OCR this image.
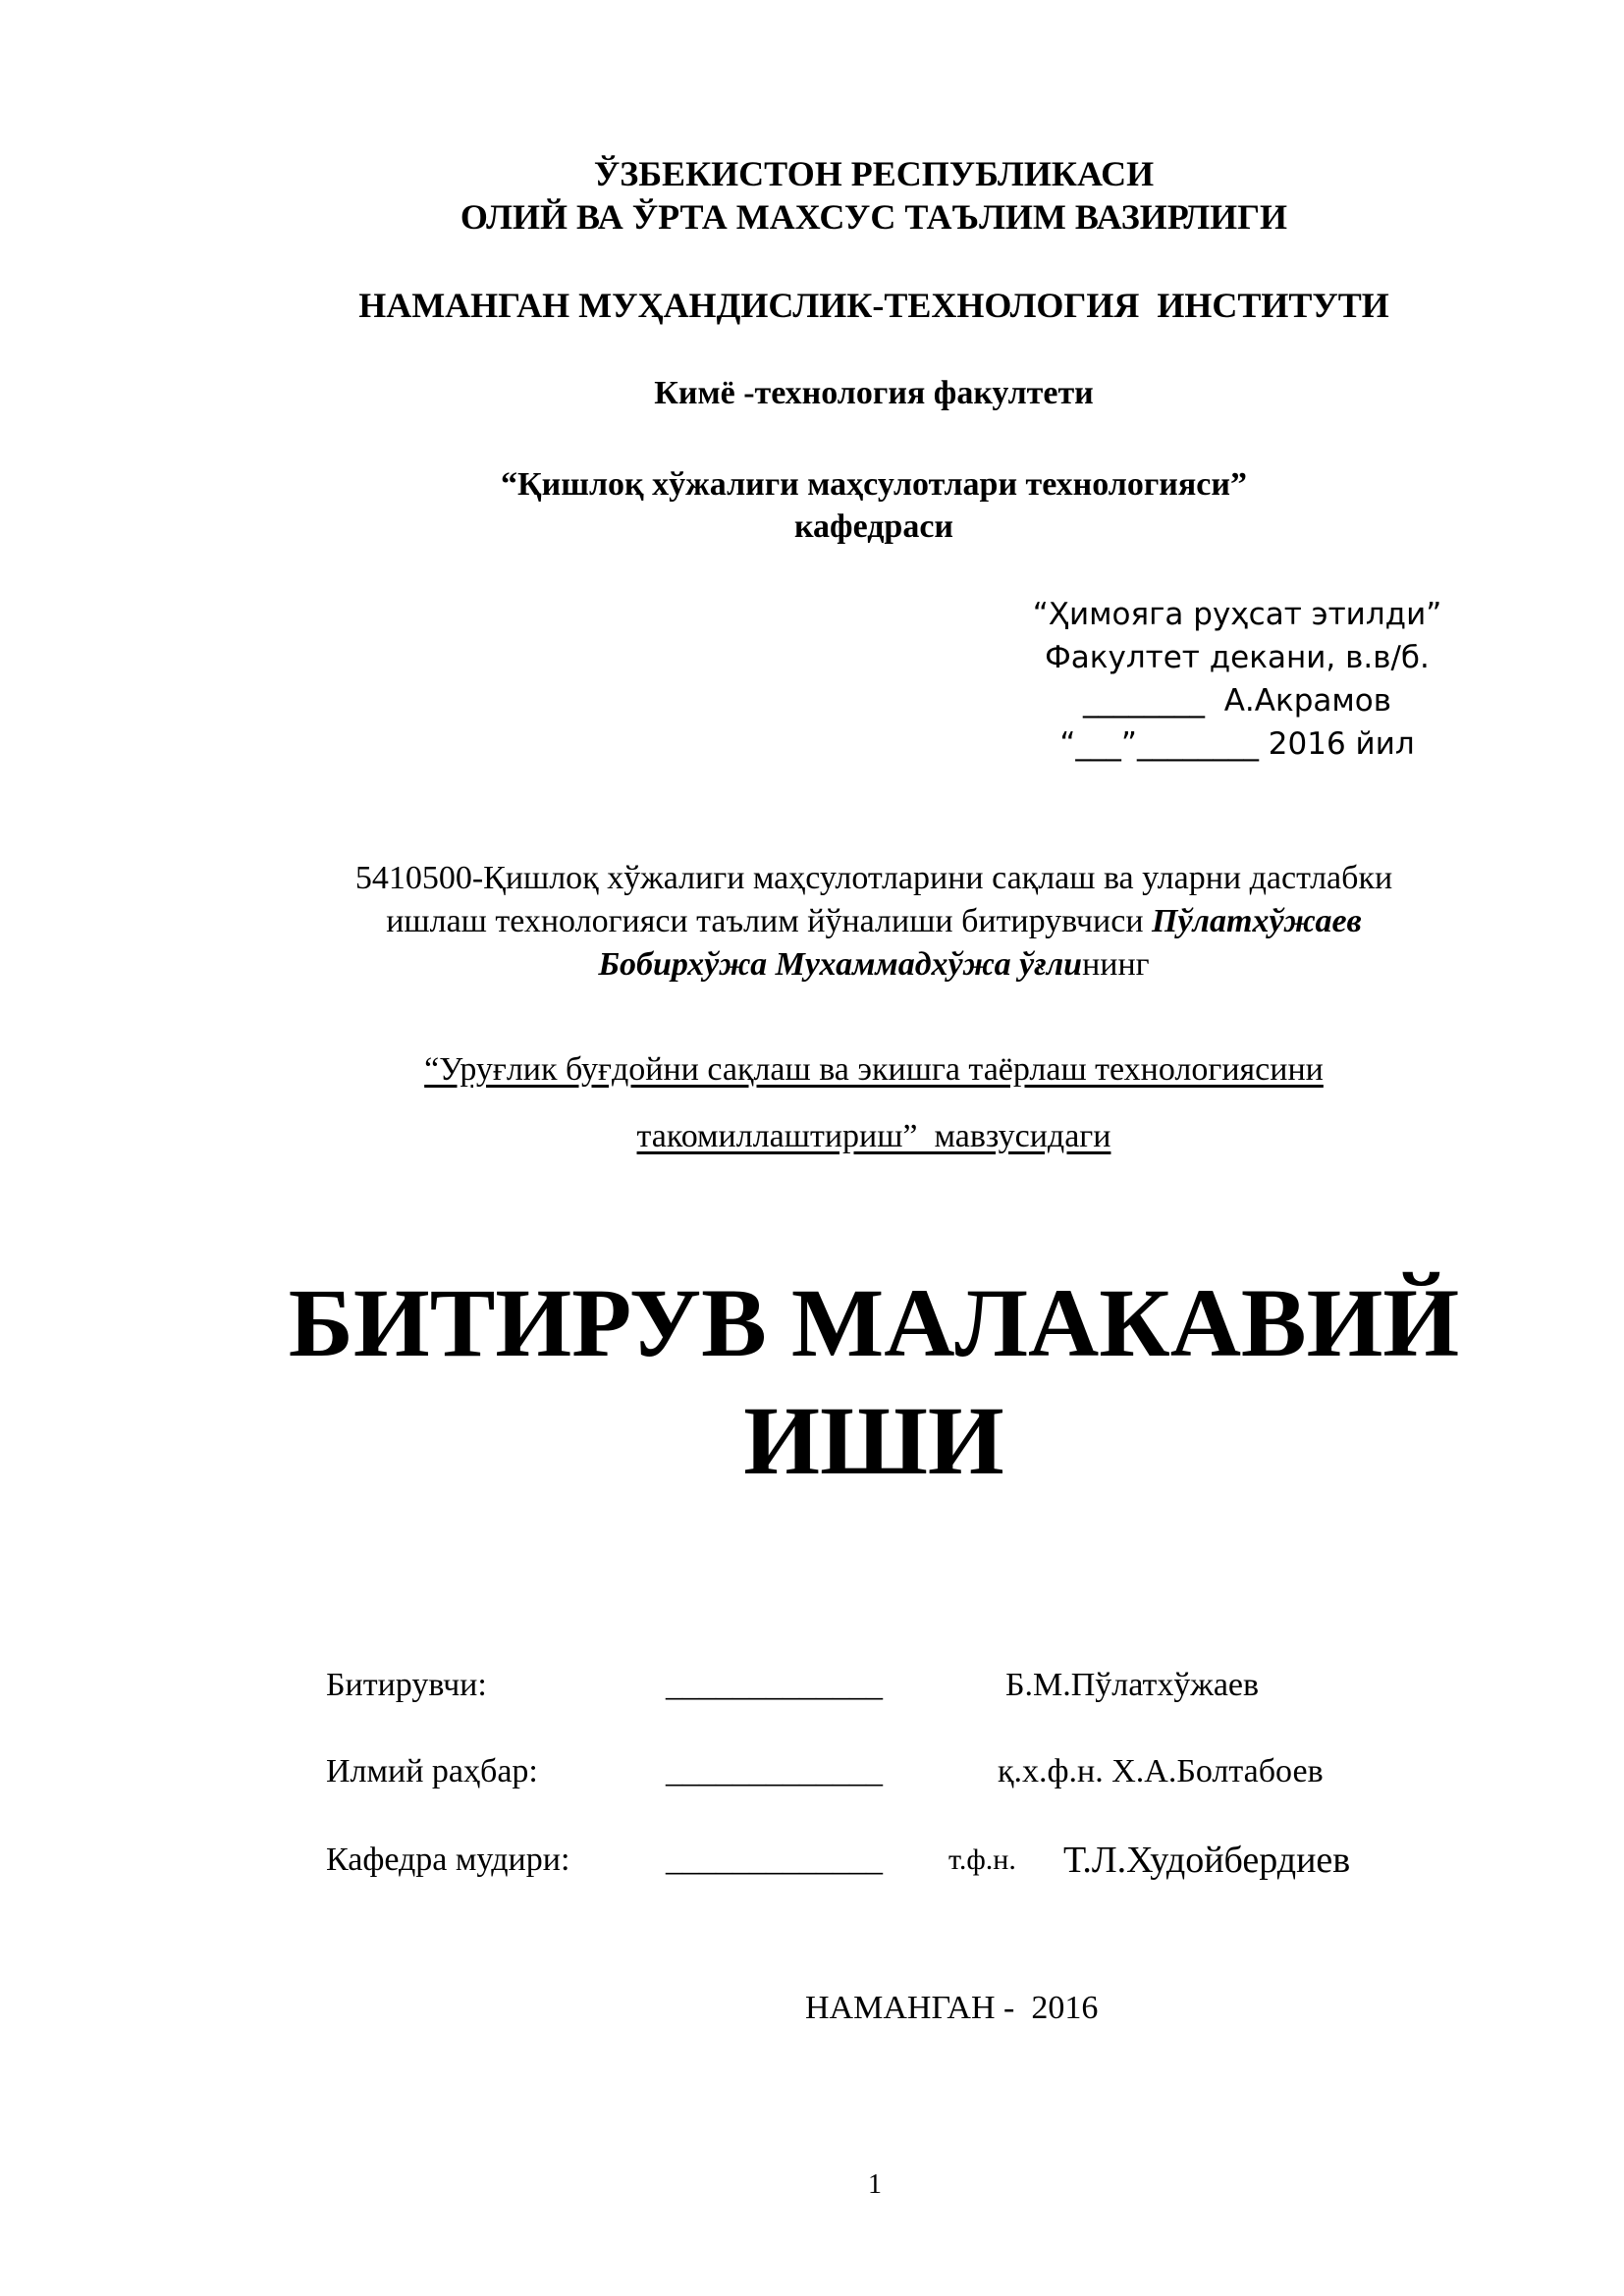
ЎЗБЕКИСТОН РЕСПУБЛИКАСИ
ОЛИЙ ВА ЎРТА МАХСУС ТАЪЛИМ ВАЗИРЛИГИ
НАМАНГАН МУҲАНДИСЛИК-ТЕХНОЛОГИЯ  ИНСТИТУТИ
Кимё -технология факултети
“Қишлоқ хўжалиги маҳсулотлари технологияси”
кафедраси
“Ҳимояга руҳсат этилди”
Факултет декани, в.в/б.
________ А.Акрамов
“___”________ 2016 йил
5410500-Қишлоқ хўжалиги маҳсулотларини сақлаш ва уларни дастлабки
ишлаш технологияси таълим йўналиши битирувчиси Пўлатхўжаев
Бобирхўжа Мухаммадхўжа ўғлининг
“Уруғлик буғдойни сақлаш ва экишга таёрлаш технологиясини
такомиллаштириш”  мавзусидаги
БИТИРУВ МАЛАКАВИЙ
ИШИ
Битирувчи:	_____________	Б.М.Пўлатхўжаев
Илмий раҳбар:	_____________	қ.х.ф.н. Х.А.Болтабоев
Кафедра мудири:	_____________ т.ф.н. Т.Л.Худойбердиев
НАМАНГАН -  2016
1
